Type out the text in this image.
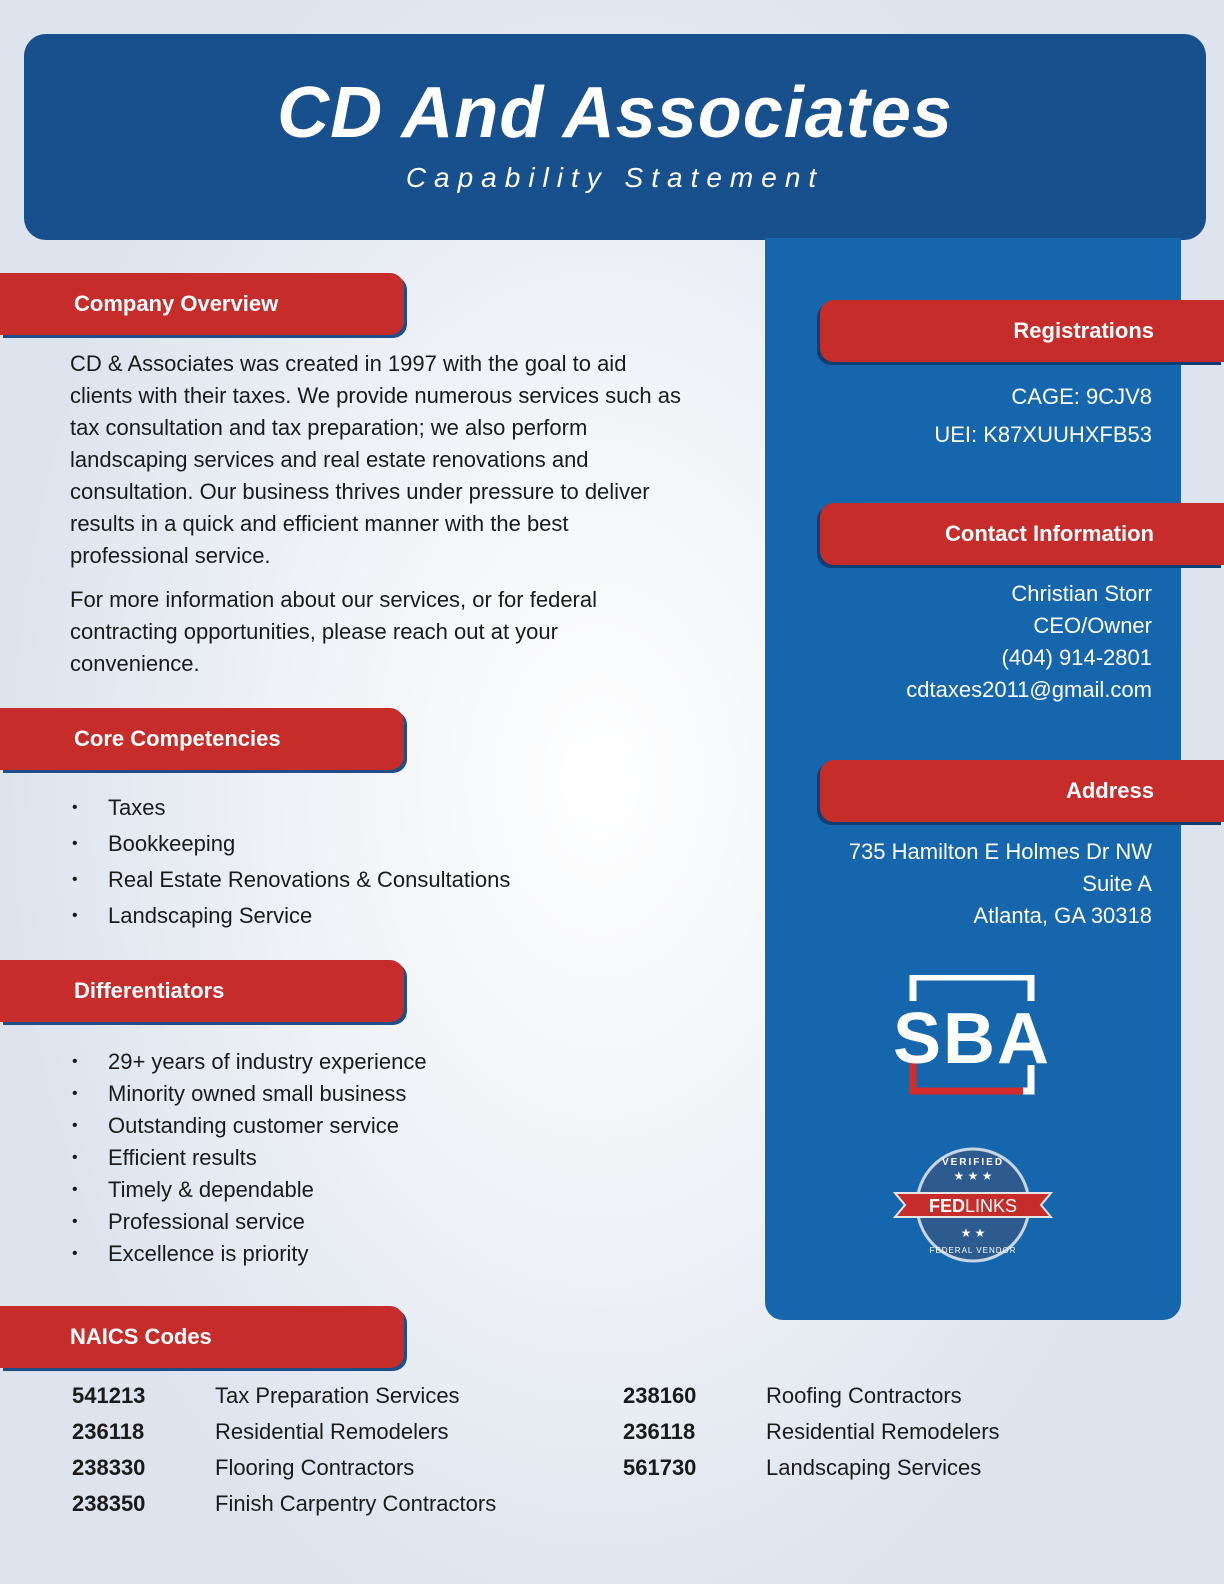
CD And Associates
Capability Statement
Company Overview

CD & Associates was created in 1997 with the goal to aid clients with their taxes. We provide numerous services such as tax consultation and tax preparation; we also perform landscaping services and real estate renovations and consultation. Our business thrives under pressure to deliver results in a quick and efficient manner with the best professional service.

For more information about our services, or for federal contracting opportunities, please reach out at your convenience.

Core Competencies
• Taxes
• Bookkeeping
• Real Estate Renovations & Consultations
• Landscaping Service
Differentiators
• 29+ years of industry experience
• Minority owned small business
• Outstanding customer service
• Efficient results
• Timely & dependable
• Professional service
• Excellence is priority
NAICS Codes
541213	Tax Preparation Services
236118	Residential Remodelers
238330	Flooring Contractors
238350	Finish Carpentry Contractors
238160	Roofing Contractors
236118	Residential Remodelers
561730	Landscaping Services
Registrations
CAGE: 9CJV8
UEI: K87XUUHXFB53
Contact Information
Christian Storr
CEO/Owner
(404) 914-2801
cdtaxes2011@gmail.com
Address
735 Hamilton E Holmes Dr NW
Suite A
Atlanta, GA 30318
SBA
VERIFIED
★ ★ ★
FEDLINKS
★ ★
FEDERAL VENDOR
